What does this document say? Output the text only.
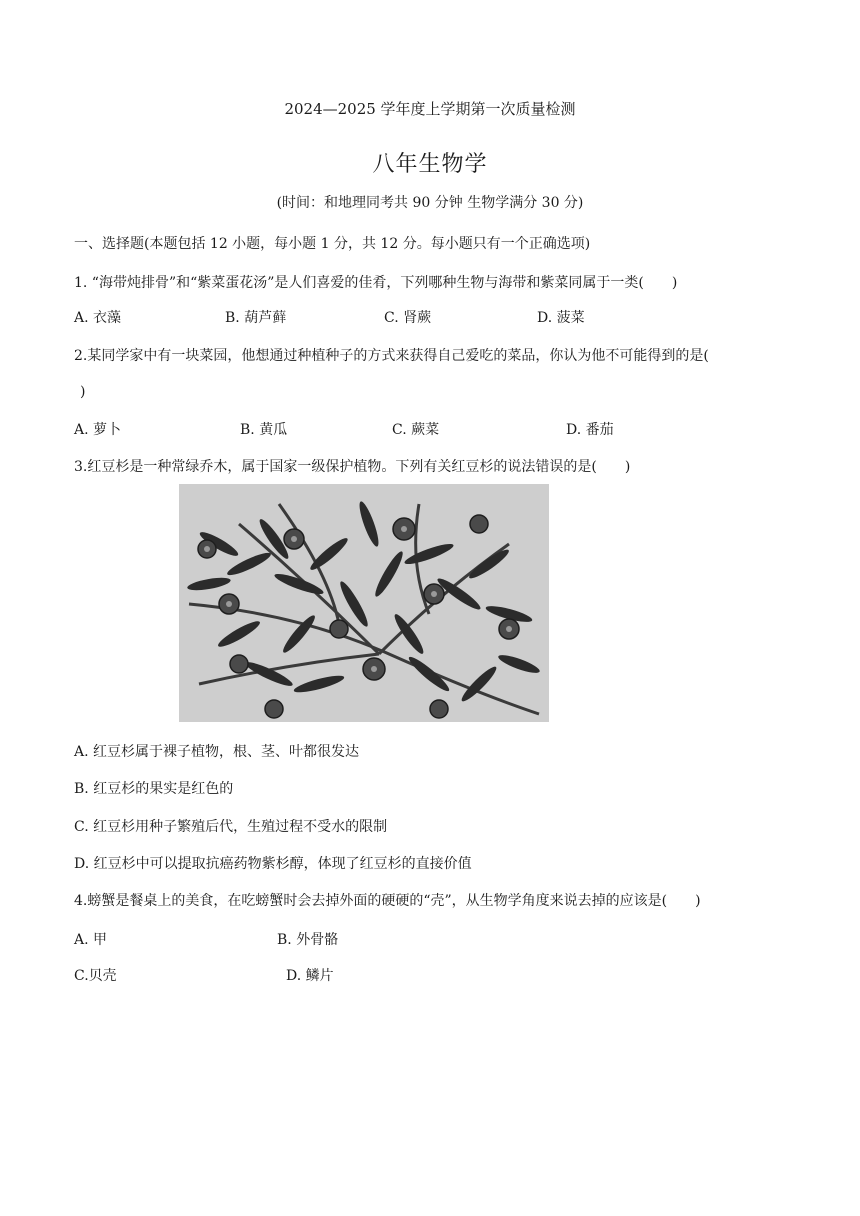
2024—2025 学年度上学期第一次质量检测
八年生物学
(时间：和地理同考共 90 分钟 生物学满分 30 分)
一、选择题(本题包括 12 小题，每小题 1 分，共 12 分。每小题只有一个正确选项)
1. “海带炖排骨”和“紫菜蛋花汤”是人们喜爱的佳肴，下列哪种生物与海带和紫菜同属于一类(　　)
A. 衣藻	B. 葫芦藓	C. 肾蕨	D. 菠菜
2.某同学家中有一块菜园，他想通过种植种子的方式来获得自己爱吃的菜品，你认为他不可能得到的是(
)
A. 萝卜	B. 黄瓜	C. 蕨菜	D. 番茄
3.红豆杉是一种常绿乔木，属于国家一级保护植物。下列有关红豆杉的说法错误的是(　　)
A. 红豆杉属于裸子植物，根、茎、叶都很发达
B. 红豆杉的果实是红色的
C. 红豆杉用种子繁殖后代，生殖过程不受水的限制
D. 红豆杉中可以提取抗癌药物紫杉醇，体现了红豆杉的直接价值
4.螃蟹是餐桌上的美食，在吃螃蟹时会去掉外面的硬硬的“壳”，从生物学角度来说去掉的应该是(　　)
A. 甲	B. 外骨骼
C.贝壳	D. 鳞片
